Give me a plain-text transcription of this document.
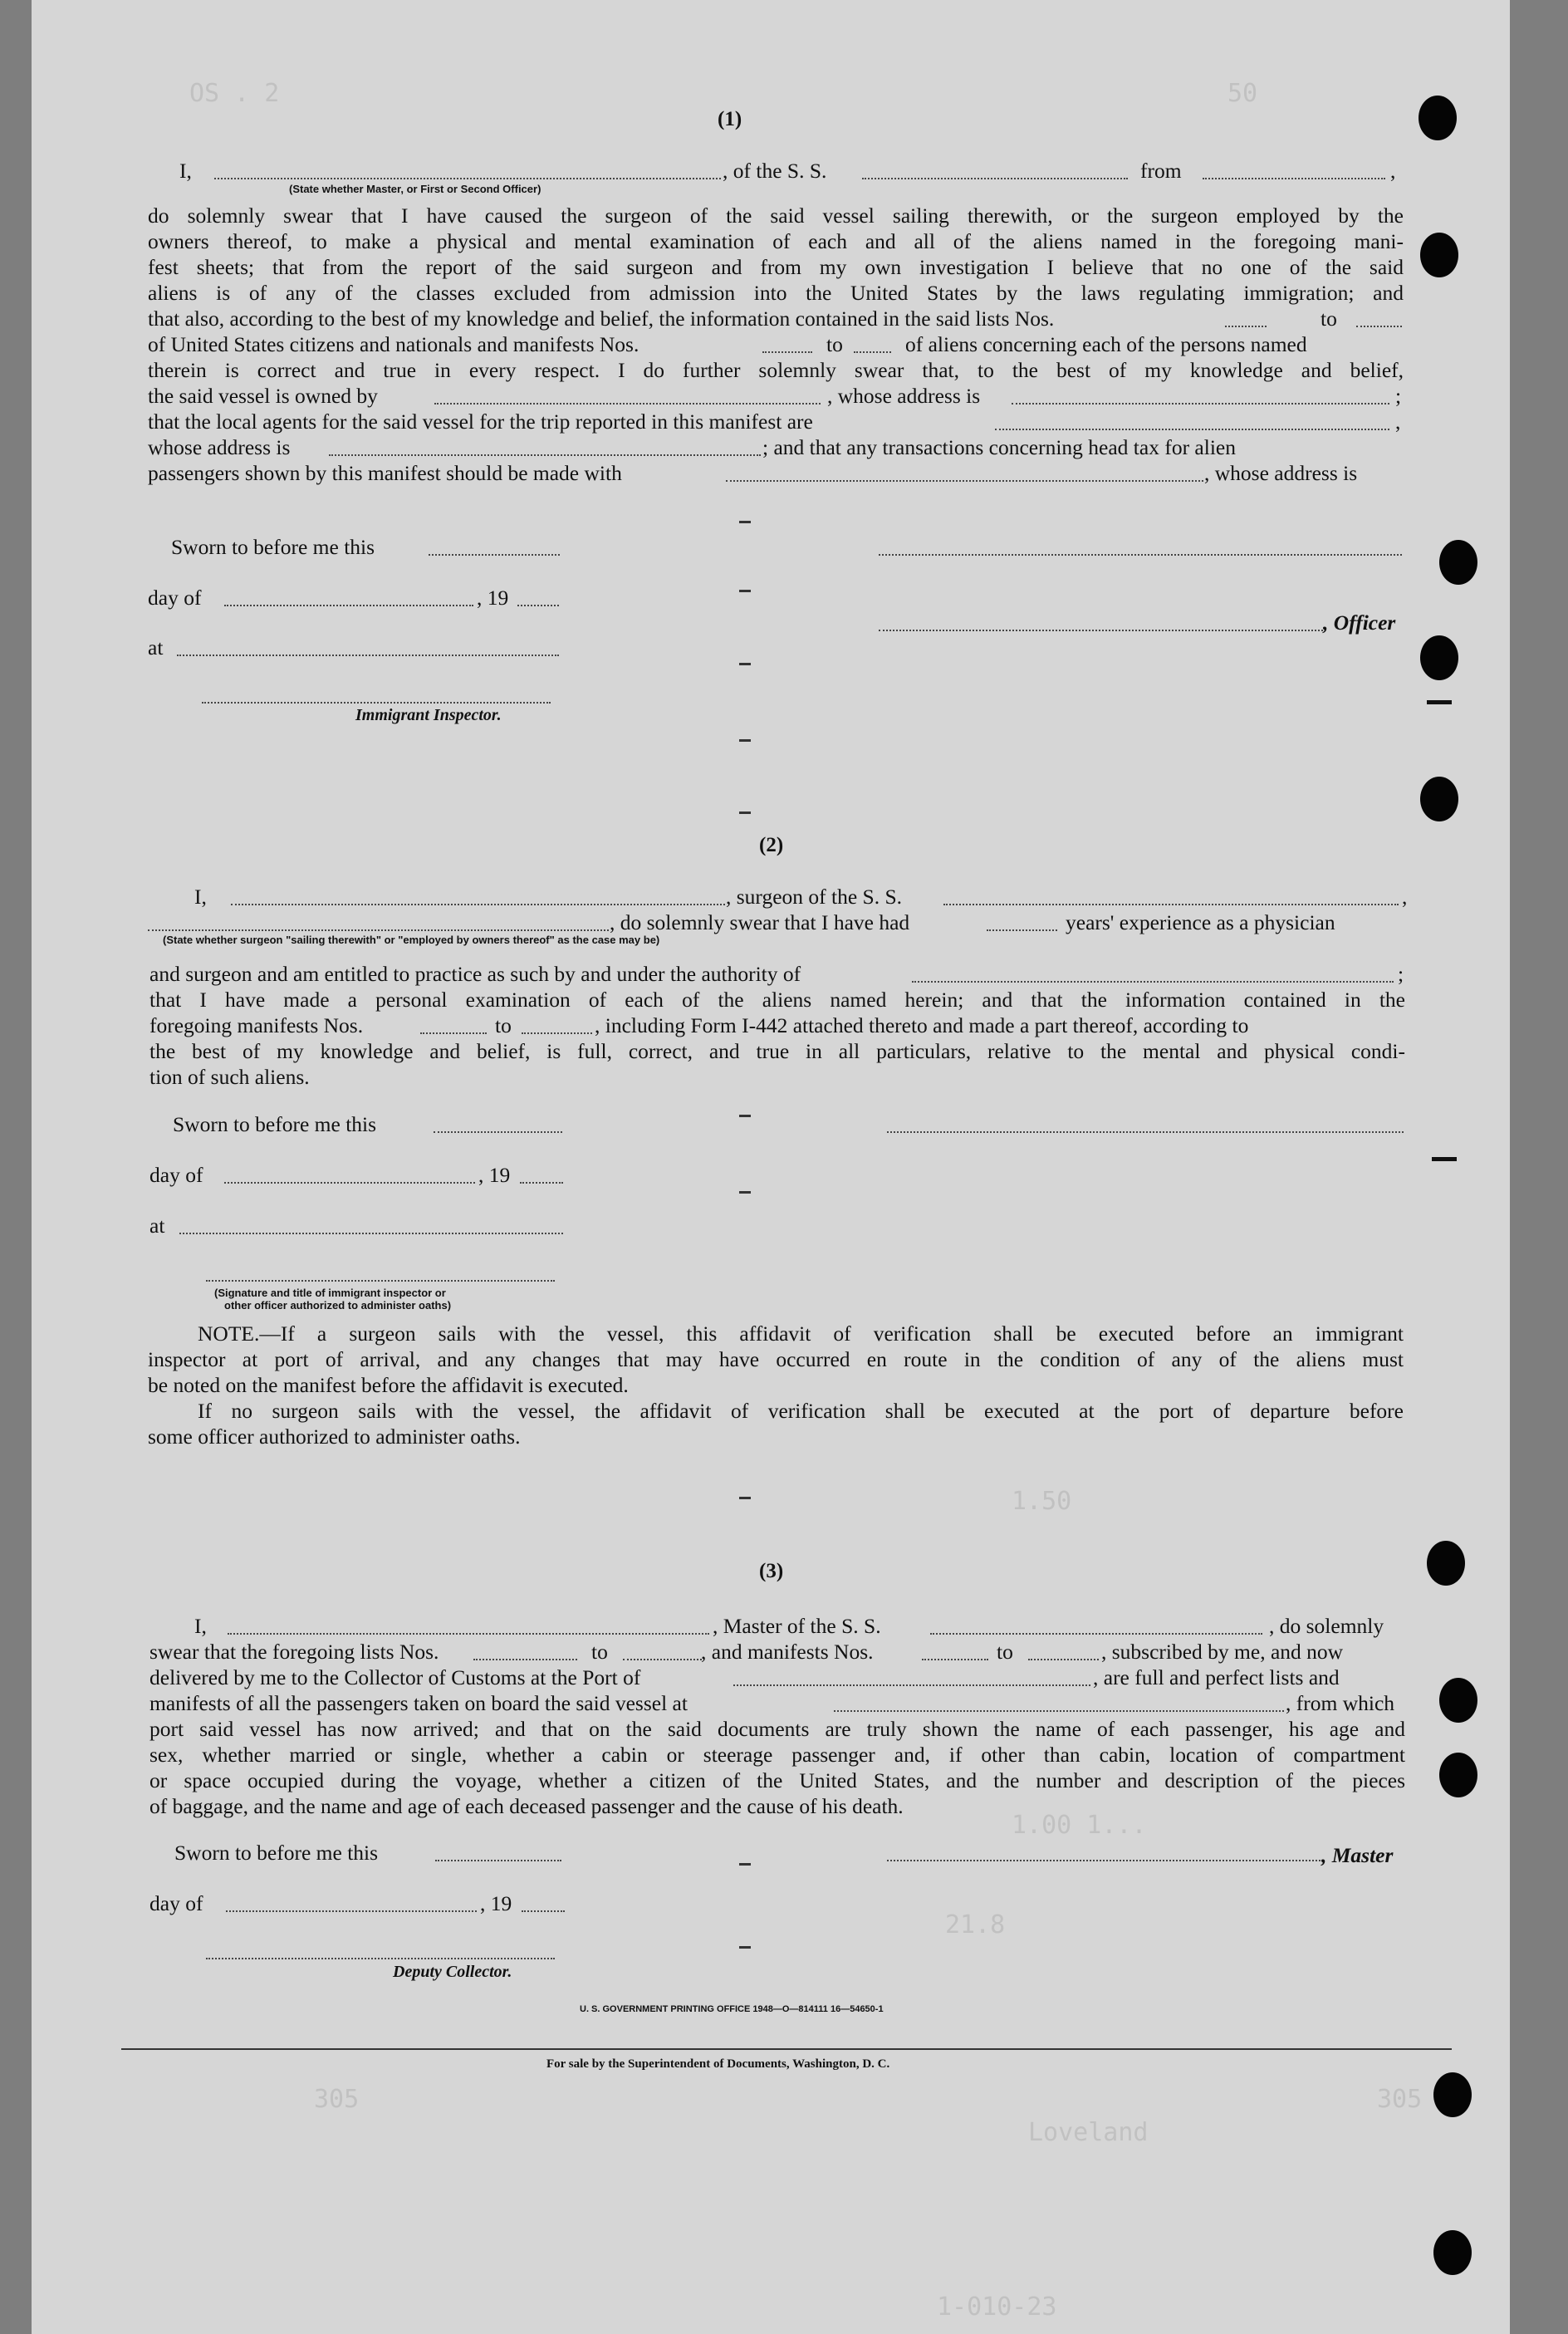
OS . 2	50
1.50
1.00 1...
21.8
Loveland
305	305
1-010-23
(1)
I,	, of the S. S.	from	,
(State whether Master, or First or Second Officer)
do solemnly swear that I have caused the surgeon of the said vessel sailing therewith, or the surgeon employed by the
owners thereof, to make a physical and mental examination of each and all of the aliens named in the foregoing mani-
fest sheets; that from the report of the said surgeon and from my own investigation I believe that no one of the said
aliens is of any of the classes excluded from admission into the United States by the laws regulating immigration; and
that also, according to the best of my knowledge and belief, the information contained in the said lists Nos.	to
of United States citizens and nationals and manifests Nos.	to	of aliens concerning each of the persons named
therein is correct and true in every respect. I do further solemnly swear that, to the best of my knowledge and belief,
the said vessel is owned by	, whose address is	;
that the local agents for the said vessel for the trip reported in this manifest are	,
whose address is	; and that any transactions concerning head tax for alien
passengers shown by this manifest should be made with	, whose address is
Sworn to before me this
day of	, 19
, Officer
at
Immigrant Inspector.
(2)
I,	, surgeon of the S. S.	,
, do solemnly swear that I have had	years' experience as a physician
(State whether surgeon "sailing therewith" or "employed by owners thereof" as the case may be)
and surgeon and am entitled to practice as such by and under the authority of	;
that I have made a personal examination of each of the aliens named herein; and that the information contained in the
foregoing manifests Nos.	to	, including Form I-442 attached thereto and made a part thereof, according to
the best of my knowledge and belief, is full, correct, and true in all particulars, relative to the mental and physical condi-
tion of such aliens.
Sworn to before me this
day of	, 19
at
(Signature and title of immigrant inspector or
other officer authorized to administer oaths)
NOTE.—If a surgeon sails with the vessel, this affidavit of verification shall be executed before an immigrant
inspector at port of arrival, and any changes that may have occurred en route in the condition of any of the aliens must
be noted on the manifest before the affidavit is executed.
If no surgeon sails with the vessel, the affidavit of verification shall be executed at the port of departure before
some officer authorized to administer oaths.
(3)
I,	, Master of the S. S.	, do solemnly
swear that the foregoing lists Nos.	to	, and manifests Nos.	to	, subscribed by me, and now
delivered by me to the Collector of Customs at the Port of	, are full and perfect lists and
manifests of all the passengers taken on board the said vessel at	, from which
port said vessel has now arrived; and that on the said documents are truly shown the name of each passenger, his age and
sex, whether married or single, whether a cabin or steerage passenger and, if other than cabin, location of compartment
or space occupied during the voyage, whether a citizen of the United States, and the number and description of the pieces
of baggage, and the name and age of each deceased passenger and the cause of his death.
Sworn to before me this	, Master
day of	, 19
Deputy Collector.
U. S. GOVERNMENT PRINTING OFFICE 1948—O—814111 16—54650-1
For sale by the Superintendent of Documents, Washington, D. C.
